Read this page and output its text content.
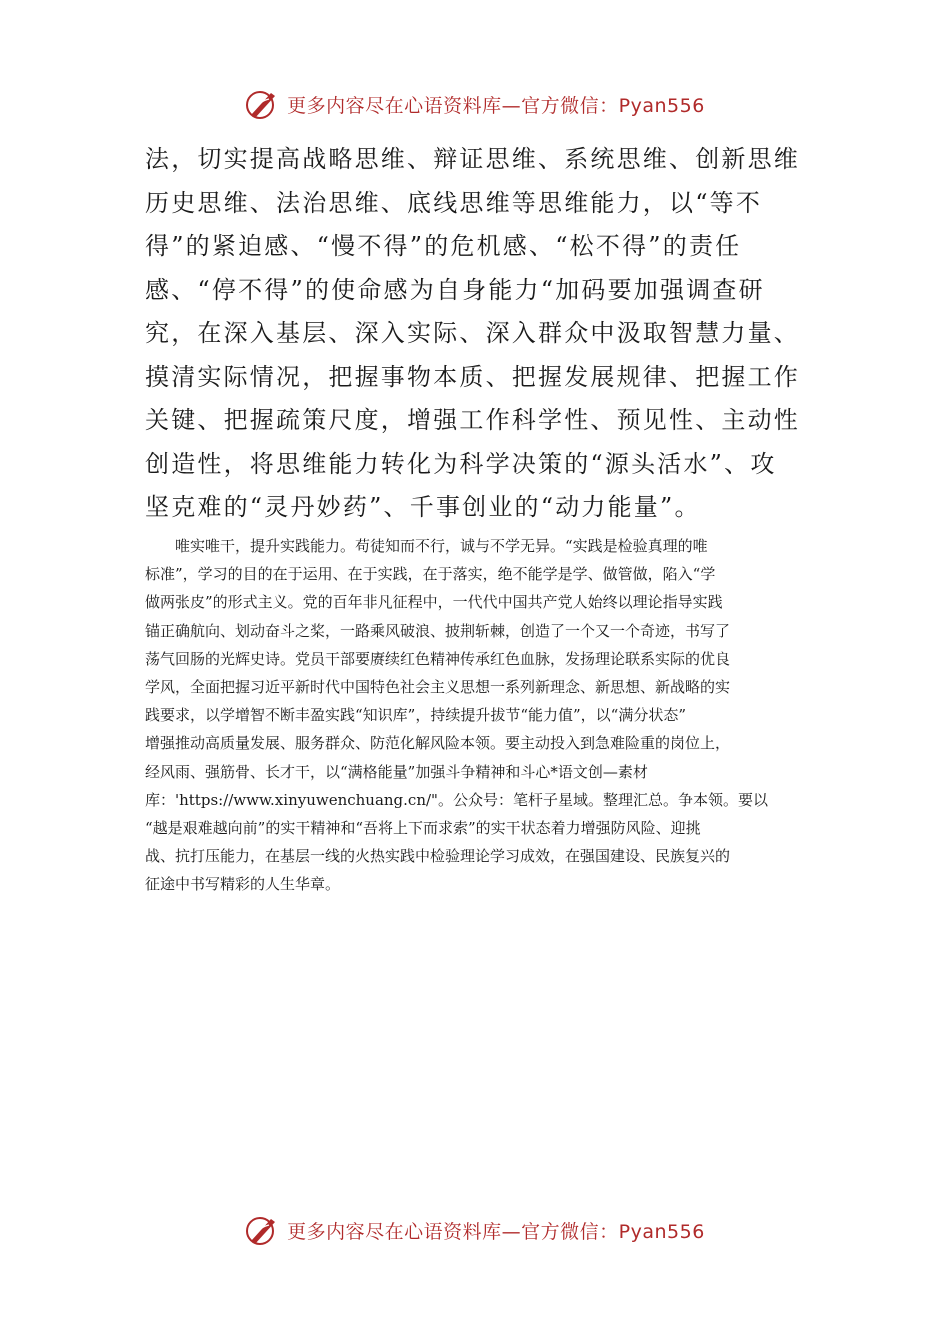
更多内容尽在心语资料库—官方微信：Pyan556
法，切实提高战略思维、辩证思维、系统思维、创新思维
历史思维、法治思维、底线思维等思维能力，以“等不
得”的紧迫感、“慢不得”的危机感、“松不得”的责任
感、“停不得”的使命感为自身能力“加码要加强调查研
究，在深入基层、深入实际、深入群众中汲取智慧力量、
摸清实际情况，把握事物本质、把握发展规律、把握工作
关键、把握疏策尺度，增强工作科学性、预见性、主动性
创造性，将思维能力转化为科学决策的“源头活水”、攻
坚克难的“灵丹妙药”、千事创业的“动力能量”。
　　唯实唯干，提升实践能力。苟徒知而不行，诚与不学无异。“实践是检验真理的唯
标准”，学习的目的在于运用、在于实践，在于落实，绝不能学是学、做管做，陷入“学
做两张皮”的形式主义。党的百年非凡征程中，一代代中国共产党人始终以理论指导实践
锚正确航向、划动奋斗之桨，一路乘风破浪、披荆斩棘，创造了一个又一个奇迹，书写了
荡气回肠的光辉史诗。党员干部要赓续红色精神传承红色血脉，发扬理论联系实际的优良
学风，全面把握习近平新时代中国特色社会主义思想一系列新理念、新思想、新战略的实
践要求，以学增智不断丰盈实践“知识库”，持续提升拔节“能力值”，以“满分状态”
增强推动高质量发展、服务群众、防范化解风险本领。要主动投入到急难险重的岗位上，
经风雨、强筋骨、长才干，以“满格能量”加强斗争精神和斗心*语文创—素材
库：'https://www.xinyuwenchuang.cn/"。公众号：笔杆子星域。整理汇总。争本领。要以
“越是艰难越向前”的实干精神和“吾将上下而求索”的实干状态着力增强防风险、迎挑
战、抗打压能力，在基层一线的火热实践中检验理论学习成效，在强国建设、民族复兴的
征途中书写精彩的人生华章。
更多内容尽在心语资料库—官方微信：Pyan556
